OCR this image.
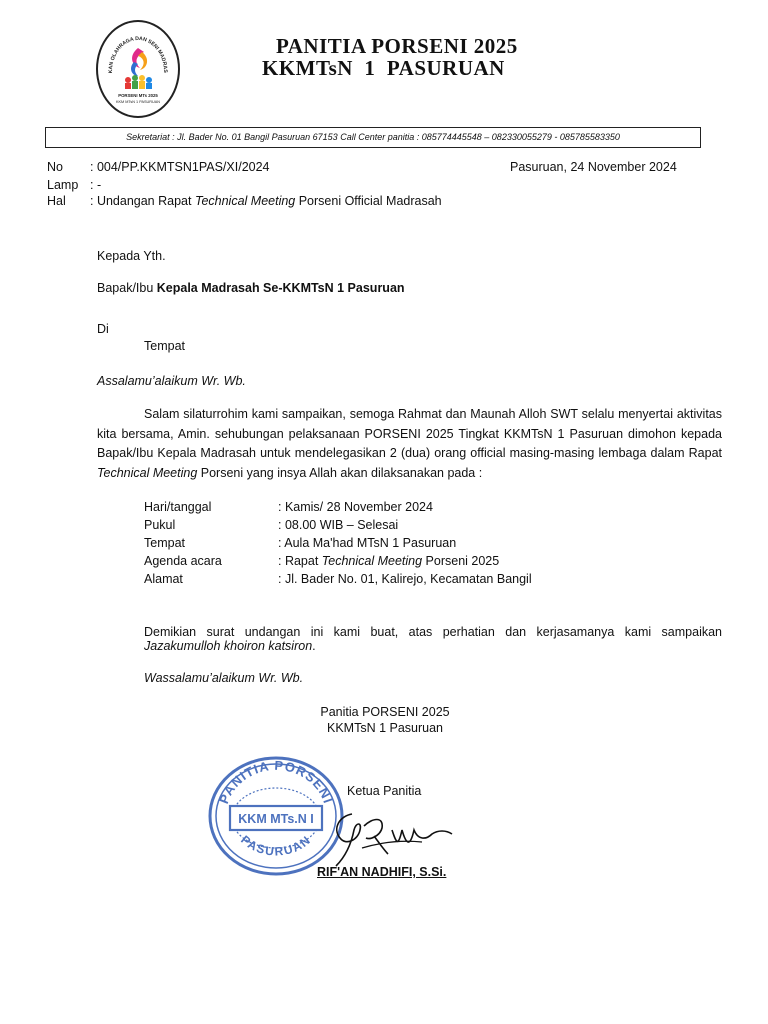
KAN OLAHRAGA DAN SENI MADRAS
PORSENI MTs 2025
KKM MTsN 1 PASURUAN
PANITIA PORSENI 2025
KKMTsN  1  PASURUAN
Sekretariat : Jl. Bader No. 01 Bangil Pasuruan 67153 Call Center panitia : 085774445548 – 082330055279 - 085785583350
No : 004/PP.KKMTSN1PAS/XI/2024	Pasuruan, 24 November 2024
Lamp : -
Hal : Undangan Rapat Technical Meeting Porseni Official Madrasah
Kepada Yth.
Bapak/Ibu Kepala Madrasah Se-KKMTsN 1 Pasuruan
Di
Tempat
Assalamu’alaikum Wr. Wb.

Salam silaturrohim kami sampaikan, semoga Rahmat dan Maunah Alloh SWT selalu menyertai aktivitas kita bersama, Amin. sehubungan pelaksanaan PORSENI 2025 Tingkat KKMTsN 1 Pasuruan dimohon kepada Bapak/Ibu Kepala Madrasah untuk mendelegasikan 2 (dua) orang official masing-masing lembaga dalam Rapat Technical Meeting Porseni yang insya Allah akan dilaksanakan pada :

Hari/tanggal	: Kamis/ 28 November 2024
Pukul	: 08.00 WIB – Selesai
Tempat	: Aula Ma'had MTsN 1 Pasuruan
Agenda acara	: Rapat Technical Meeting Porseni 2025
Alamat	: Jl. Bader No. 01, Kalirejo, Kecamatan Bangil
Demikian surat undangan ini kami buat, atas perhatian dan kerjasamanya kami sampaikan
Jazakumulloh khoiron katsiron.
Wassalamu’alaikum Wr. Wb.
Panitia PORSENI 2025
KKMTsN 1 Pasuruan
Ketua Panitia
PANITIA PORSENI
PASURUAN
KKM MTs.N I
RIF'AN NADHIFI, S.Si.
